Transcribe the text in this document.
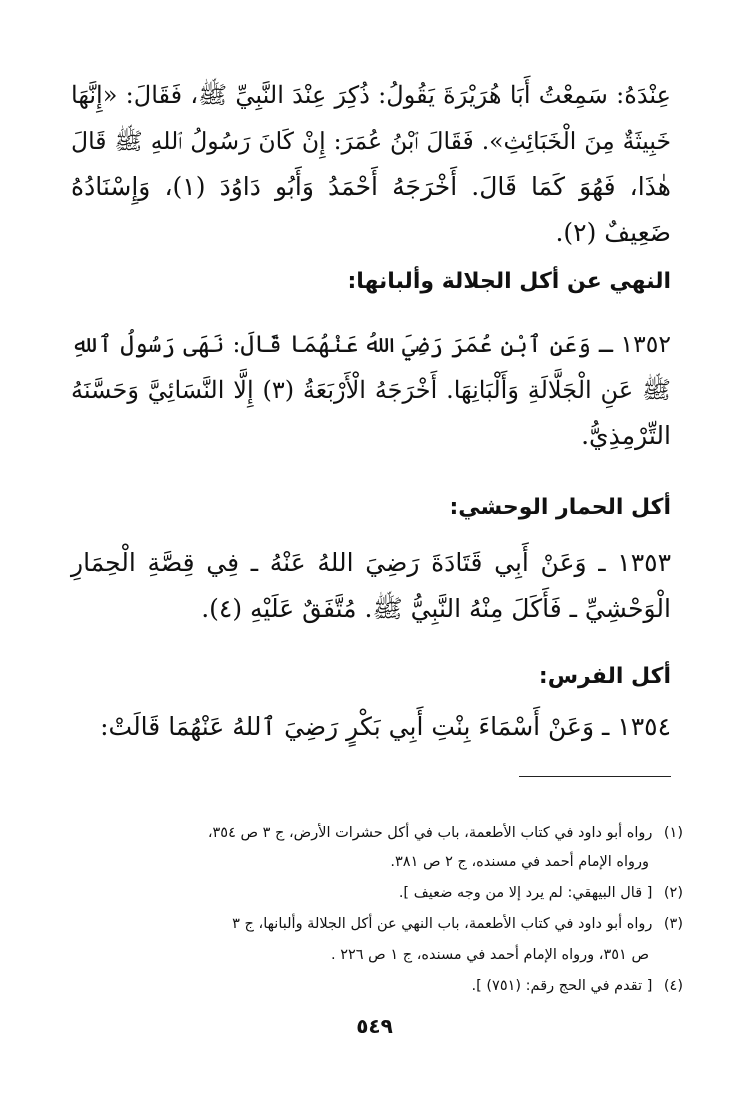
عِنْدَهُ: سَمِعْتُ أَبَا هُرَيْرَةَ يَقُولُ: ذُكِرَ عِنْدَ النَّبِيِّ ﷺ، فَقَالَ: «إِنَّهَا
خَبِيثَةٌ مِنَ الْخَبَائِثِ». فَقَالَ ٱبْنُ عُمَرَ: إِنْ كَانَ رَسُولُ ٱللهِ ﷺ قَالَ
هٰذَا، فَهُوَ كَمَا قَالَ. أَخْرَجَهُ أَحْمَدُ وَأَبُو دَاوُدَ (١)، وَإِسْنَادُهُ
ضَعِيفٌ (٢).
النهي عن أكل الجلالة وألبانها:
١٣٥٢ ـ وَعَنِ ٱبْنِ عُمَرَ رَضِيَ اللهُ عَنْهُمَا قَالَ: نَهَى رَسُولُ ٱللهِ
ﷺ عَنِ الْجَلَّالَةِ وَأَلْبَانِهَا. أَخْرَجَهُ الْأَرْبَعَةُ (٣) إِلَّا النَّسَائِيَّ وَحَسَّنَهُ
التِّرْمِذِيُّ.
أكل الحمار الوحشي:
١٣٥٣ ـ وَعَنْ أَبِي قَتَادَةَ رَضِيَ اللهُ عَنْهُ ـ فِي قِصَّةِ الْحِمَارِ
الْوَحْشِيِّ ـ فَأَكَلَ مِنْهُ النَّبِيُّ ﷺ. مُتَّفَقٌ عَلَيْهِ (٤).
أكل الفرس:
١٣٥٤ ـ وَعَنْ أَسْمَاءَ بِنْتِ أَبِي بَكْرٍ رَضِيَ ٱللهُ عَنْهُمَا قَالَتْ:
(١) رواه أبو داود في كتاب الأطعمة، باب في أكل حشرات الأرض، ج ٣ ص ٣٥٤،
ورواه الإمام أحمد في مسنده، ج ٢ ص ٣٨١.
(٢) [ قال البيهقي: لم يرد إلا من وجه ضعيف ].
(٣) رواه أبو داود في كتاب الأطعمة، باب النهي عن أكل الجلالة وألبانها، ج ٣
ص ٣٥١، ورواه الإمام أحمد في مسنده، ج ١ ص ٢٢٦ .
(٤) [ تقدم في الحج رقم: (٧٥١) ].
٥٤٩
